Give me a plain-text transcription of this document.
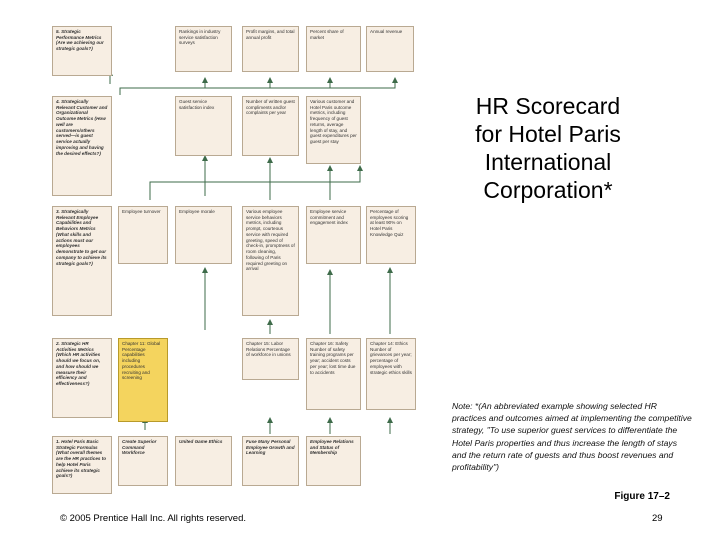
5. Strategic Performance Metrics (Are we achieving our strategic goals?)
Rankings in industry service satisfaction surveys
Profit margins, and total annual profit
Percent share of market
Annual revenue
4. Strategically Relevant Customer and Organizational Outcome Metrics (How well are customers/others served—is guest service actually improving and having the desired effects?)
Guest service satisfaction index
Number of written guest compliments and/or complaints per year
Various customer and Hotel Paris outcome metrics, including frequency of guest returns, average length of stay, and guest expenditures per guest per stay
3. Strategically Relevant Employee Capabilities and Behaviors Metrics (What skills and actions must our employees demonstrate to get our company to achieve its strategic goals?)
Employee turnover	Employee morale	Various employee service behaviors metrics, including prompt, courteous service with required greeting, speed of check-in, promptness of room cleaning, following of Paris required greeting on arrival
Employee service commitment and engagement index
Percentage of employees scoring at least 90% on Hotel Paris Knowledge Quiz
2. Strategic HR Activities Metrics (Which HR activities should we focus on, and how should we measure their efficiency and effectiveness?)
Chapter 11: Global Percentage capabilities including procedures recruiting and screening
Chapter 15: Labor Relations Percentage of workforce in unions
Chapter 16: Safety Number of safety training programs per year; accident costs per year; lost time due to accidents
Chapter 14: Ethics Number of grievances per year; percentage of employees with strategic ethics skills
1. Hotel Paris Basic Strategic Formulas (What overall themes are the HR practices to help Hotel Paris achieve its strategic goals?)
Create Superior Command Workforce
United Game Ethics	Fuse Many Personal Employee Growth and Learning
Employee Relations and Status of Membership
HR Scorecard for Hotel Paris International Corporation*
Note: *(An abbreviated example showing selected HR practices and outcomes aimed at implementing the competitive strategy, "To use superior guest services to differentiate the Hotel Paris properties and thus increase the length of stays and the return rate of guests and thus boost revenues and profitability")
Figure 17–2
© 2005 Prentice Hall Inc. All rights reserved.	29
